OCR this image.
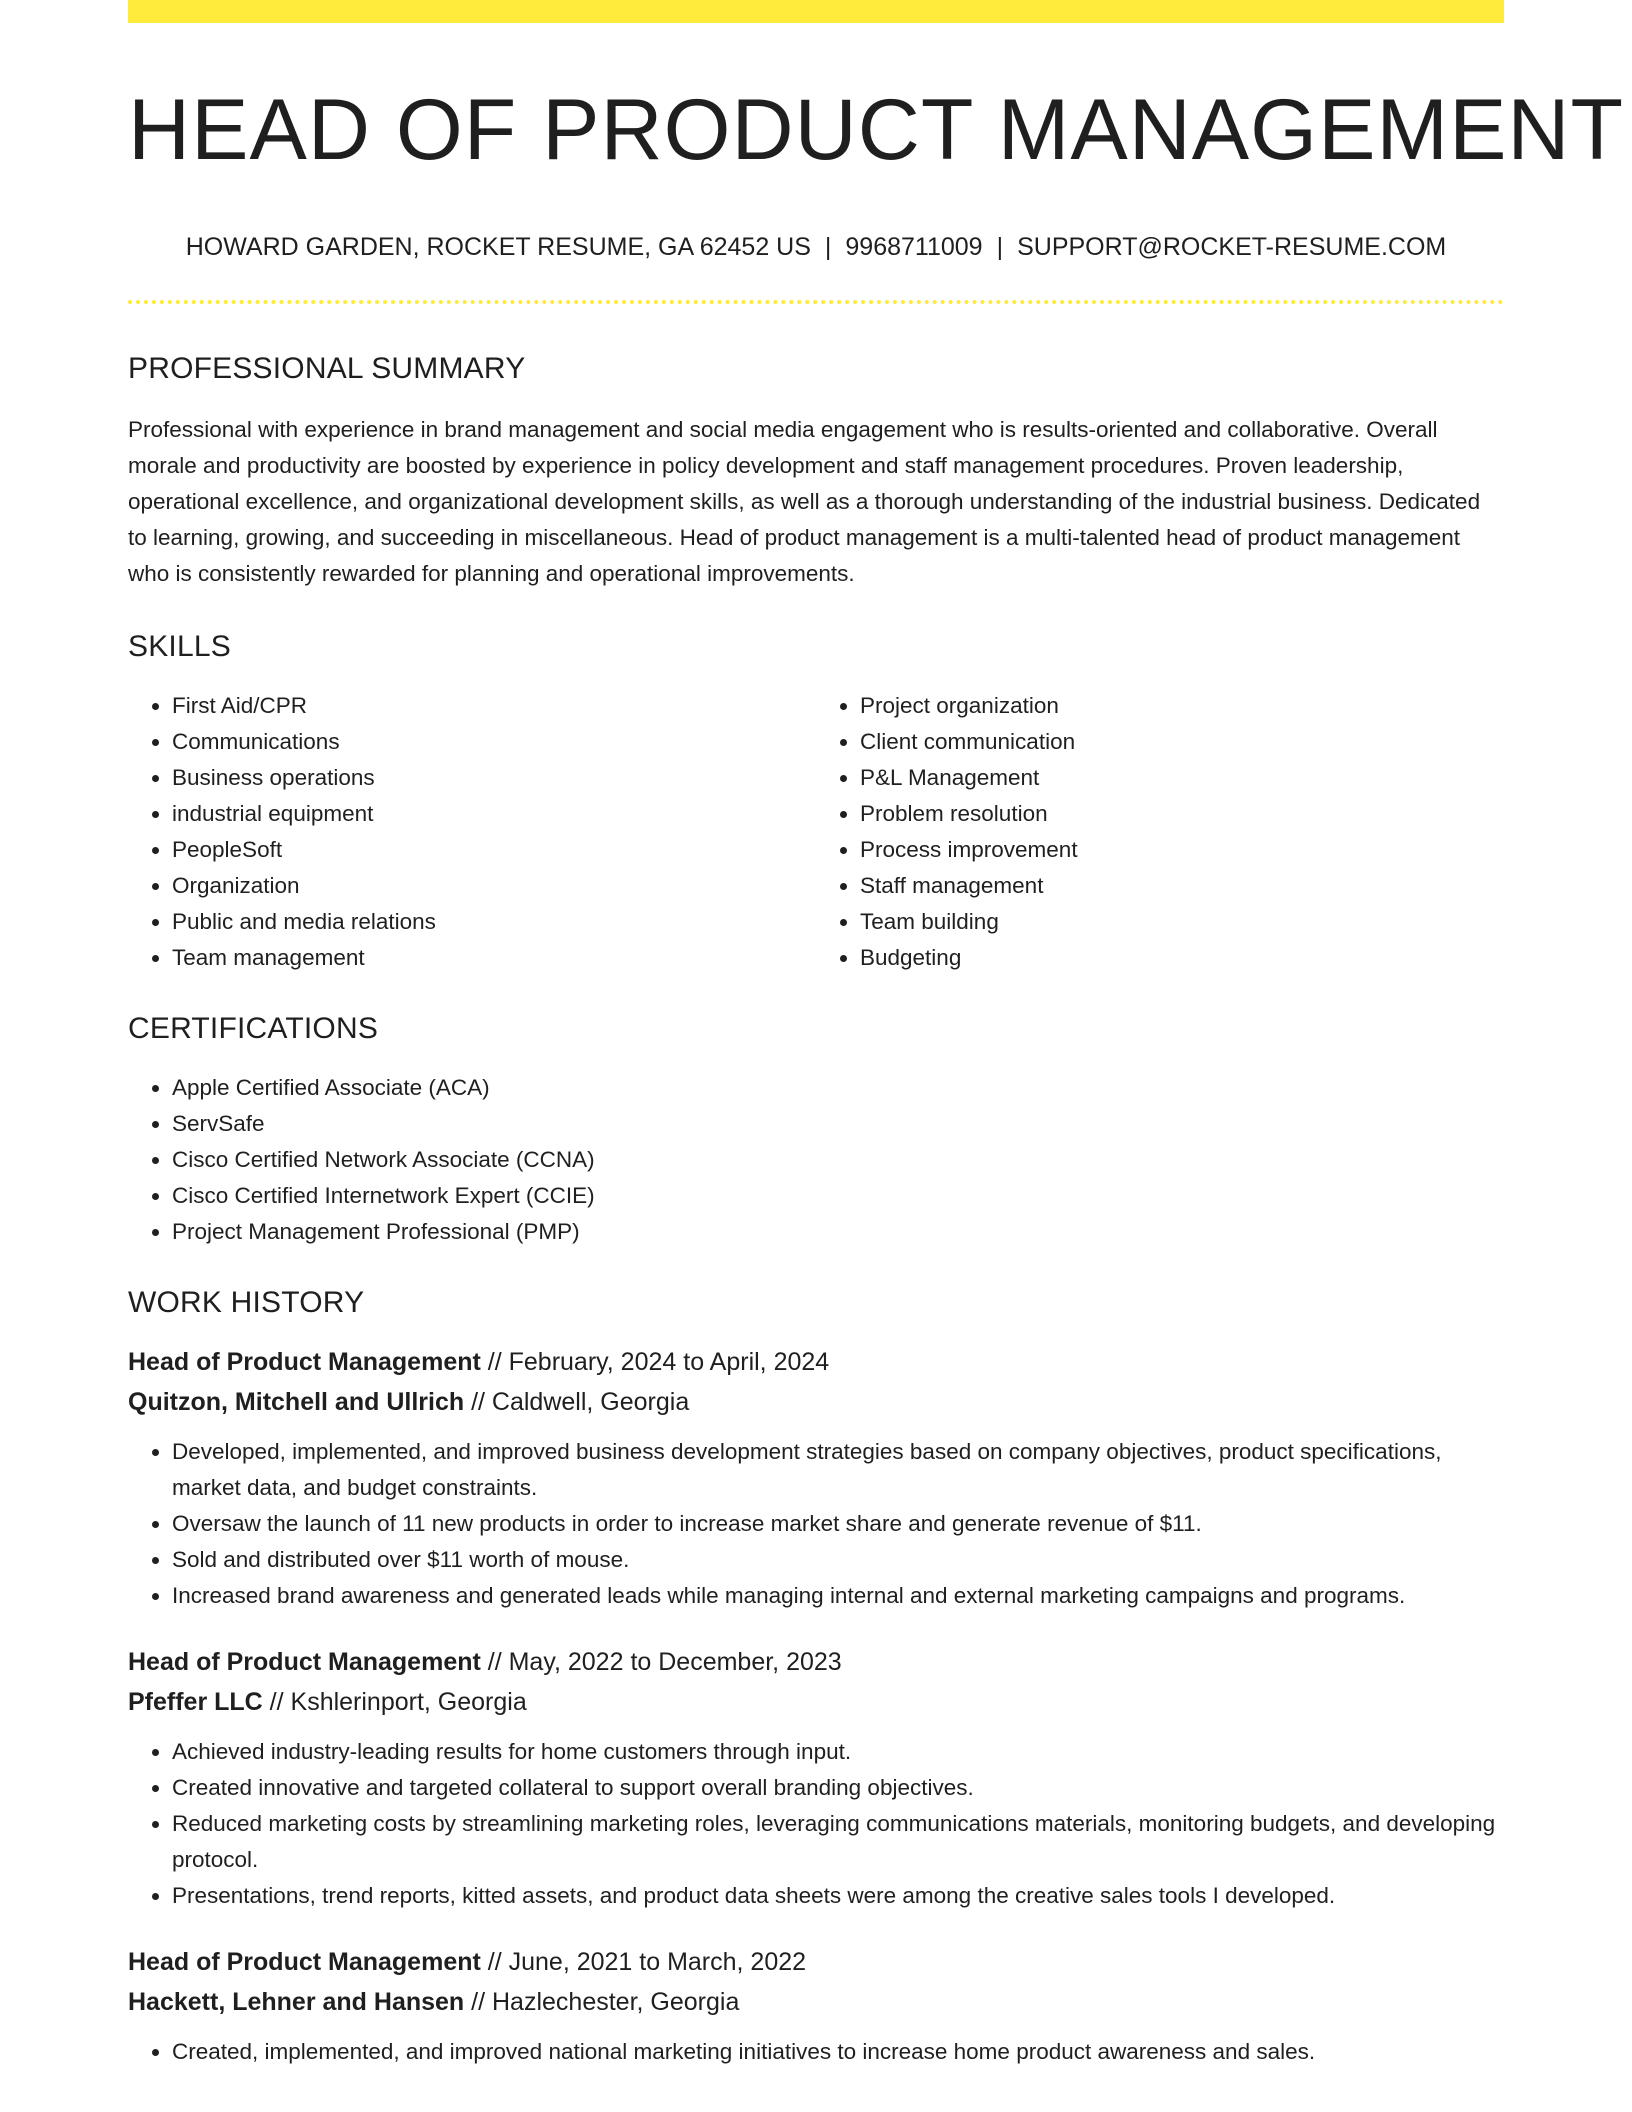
HEAD OF PRODUCT MANAGEMENT
HOWARD GARDEN, ROCKET RESUME, GA 62452 US | 9968711009 | SUPPORT@ROCKET-RESUME.COM
PROFESSIONAL SUMMARY

Professional with experience in brand management and social media engagement who is results-oriented and collaborative. Overall morale and productivity are boosted by experience in policy development and staff management procedures. Proven leadership, operational excellence, and organizational development skills, as well as a thorough understanding of the industrial business. Dedicated to learning, growing, and succeeding in miscellaneous. Head of product management is a multi-talented head of product management who is consistently rewarded for planning and operational improvements.

SKILLS
• First Aid/CPR
• Communications
• Business operations
• industrial equipment
• PeopleSoft
• Organization
• Public and media relations
• Team management
• Project organization
• Client communication
• P&L Management
• Problem resolution
• Process improvement
• Staff management
• Team building
• Budgeting
CERTIFICATIONS
• Apple Certified Associate (ACA)
• ServSafe
• Cisco Certified Network Associate (CCNA)
• Cisco Certified Internetwork Expert (CCIE)
• Project Management Professional (PMP)
WORK HISTORY
Head of Product Management // February, 2024 to April, 2024
Quitzon, Mitchell and Ullrich // Caldwell, Georgia
• Developed, implemented, and improved business development strategies based on company objectives, product specifications, market data, and budget constraints.
• Oversaw the launch of 11 new products in order to increase market share and generate revenue of $11.
• Sold and distributed over $11 worth of mouse.
• Increased brand awareness and generated leads while managing internal and external marketing campaigns and programs.
Head of Product Management // May, 2022 to December, 2023
Pfeffer LLC // Kshlerinport, Georgia
• Achieved industry-leading results for home customers through input.
• Created innovative and targeted collateral to support overall branding objectives.
• Reduced marketing costs by streamlining marketing roles, leveraging communications materials, monitoring budgets, and developing protocol.
• Presentations, trend reports, kitted assets, and product data sheets were among the creative sales tools I developed.
Head of Product Management // June, 2021 to March, 2022
Hackett, Lehner and Hansen // Hazlechester, Georgia
• Created, implemented, and improved national marketing initiatives to increase home product awareness and sales.
